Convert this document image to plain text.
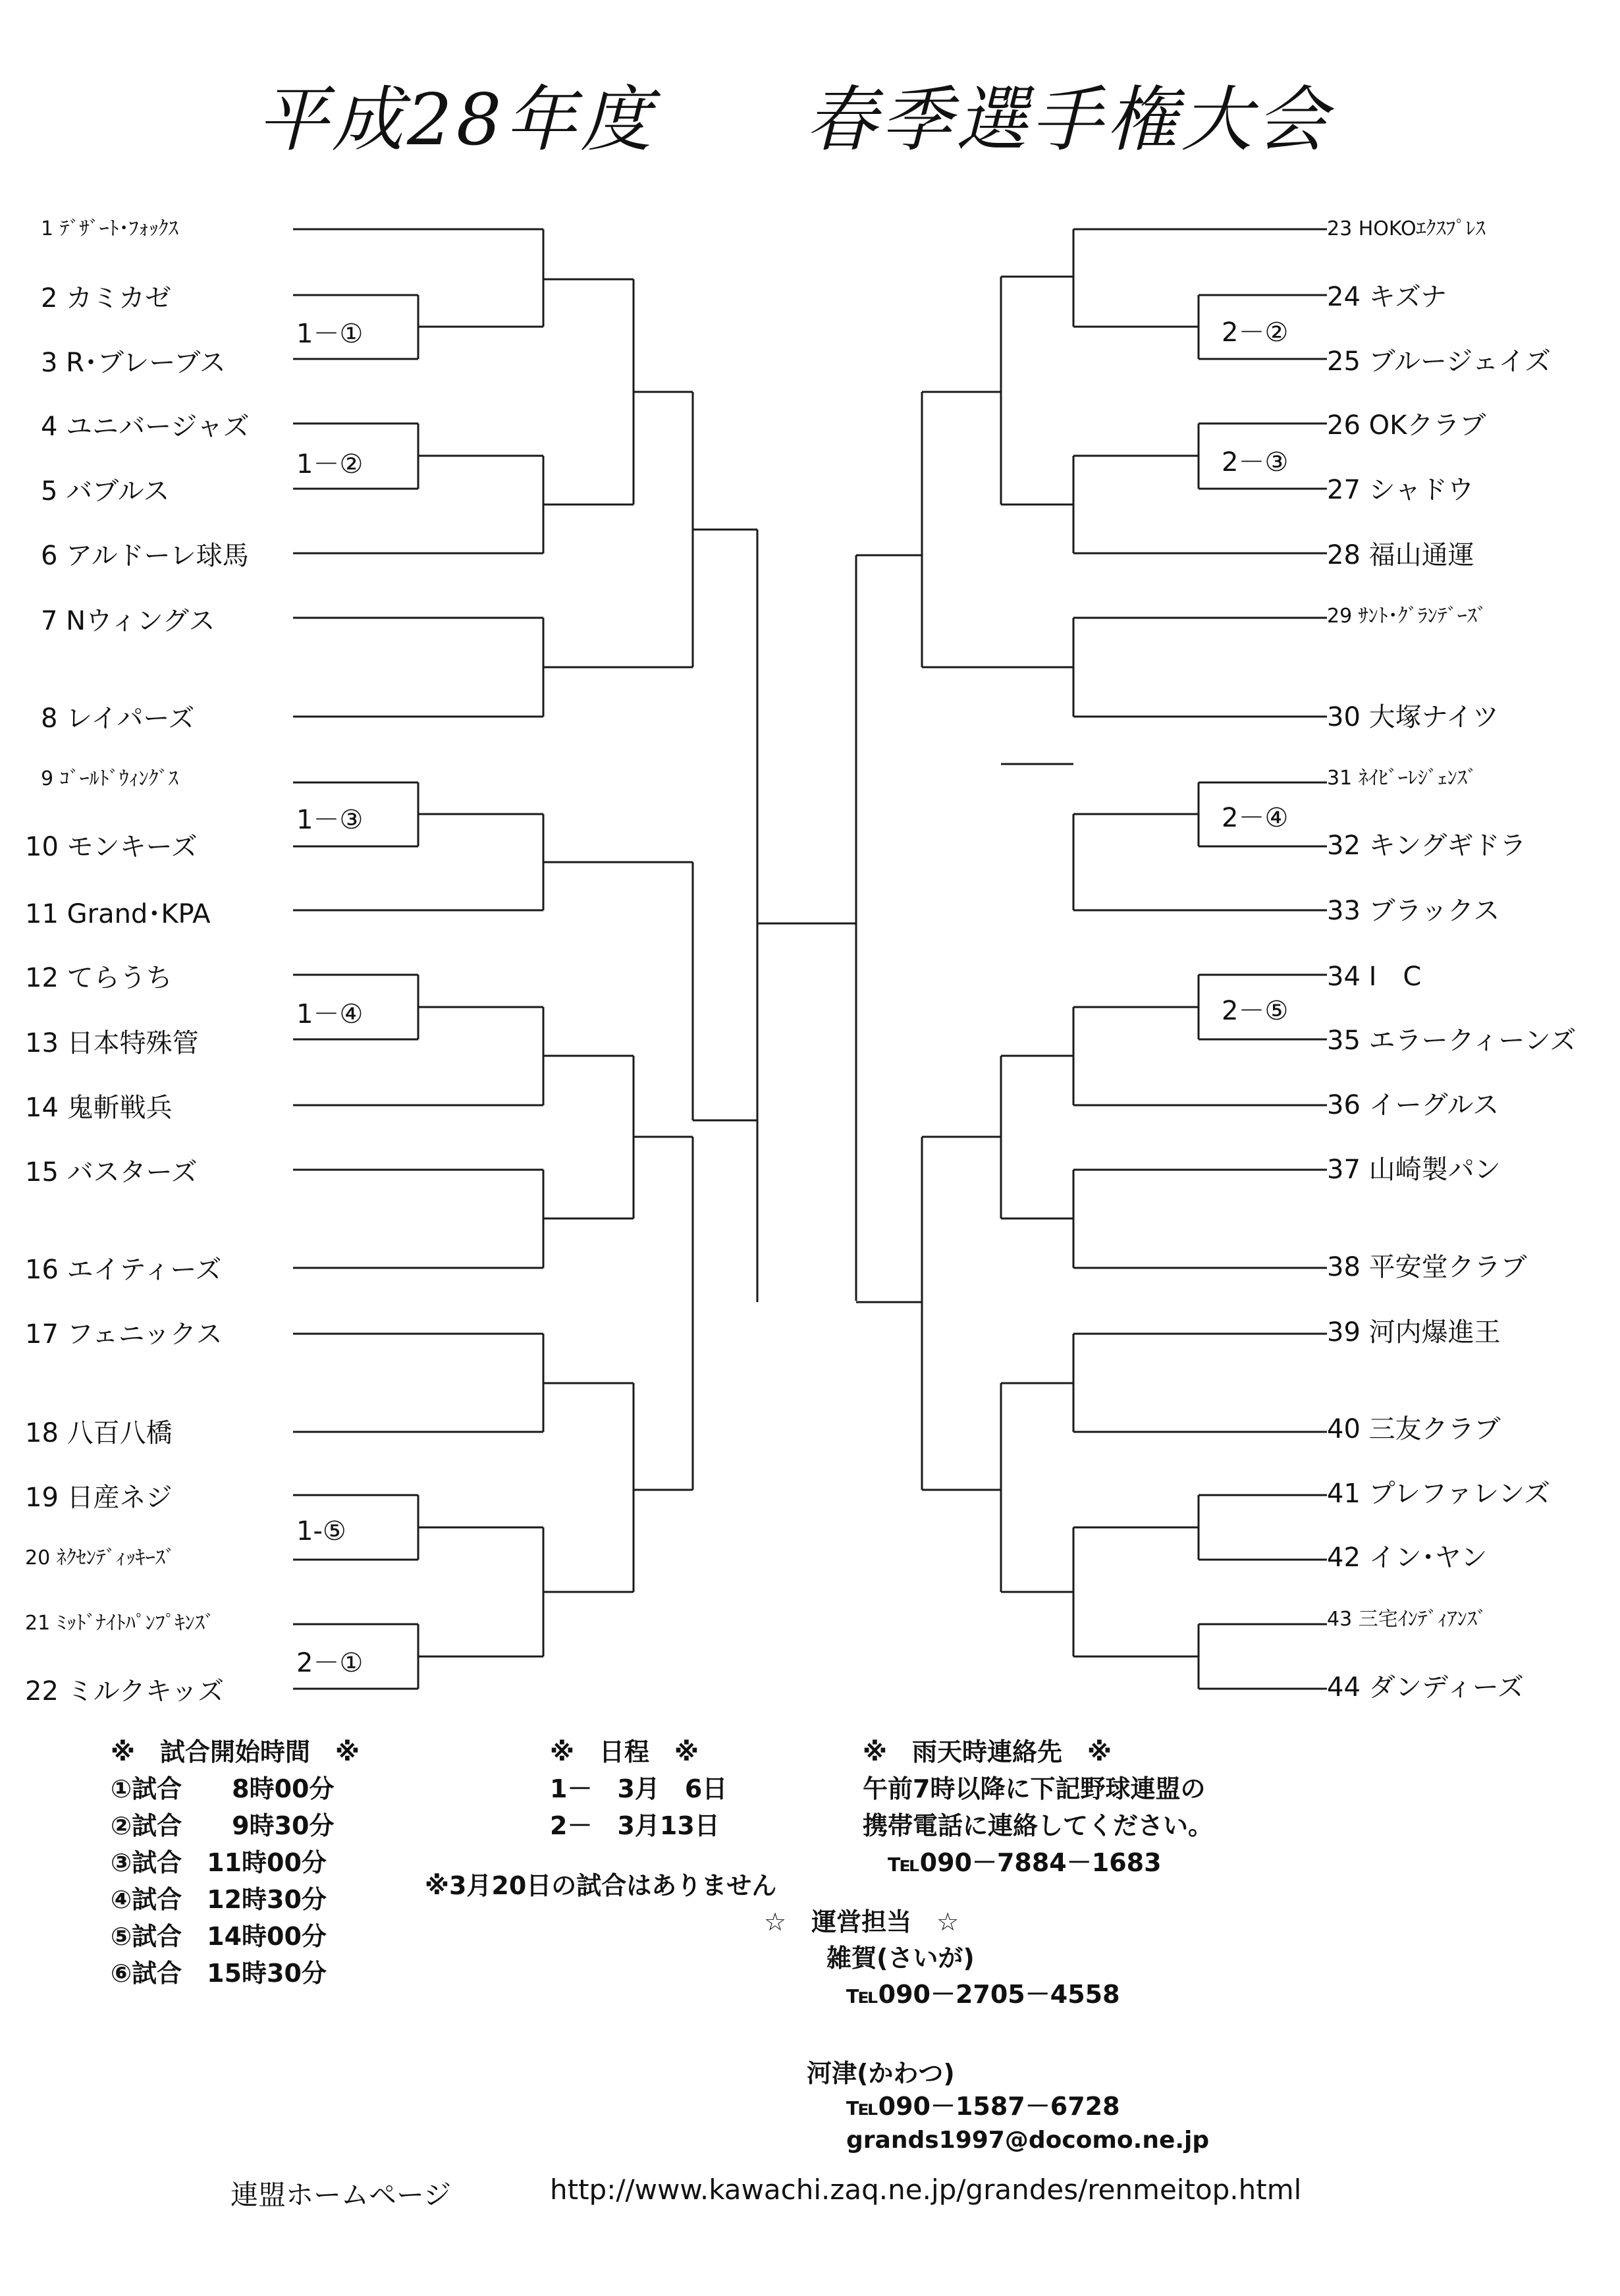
平成28年度　　春季選手権大会
1 ﾃﾞｻﾞｰﾄ･ﾌｫｯｸｽ
2 カミカゼ
3 R･ブレーブス
4 ユニバージャズ
5 バブルス
6 アルドーレ球馬
7 Nウィングス
8 レイパーズ
9 ｺﾞｰﾙﾄﾞｳｨﾝｸﾞｽ
10 モンキーズ
11 Grand･KPA
12 てらうち
13 日本特殊管
14 鬼斬戦兵
15 バスターズ
16 エイティーズ
17 フェニックス
18 八百八橋
19 日産ネジ
20 ﾈｸｾﾝﾃﾞｨｯｷｰｽﾞ
21 ﾐｯﾄﾞﾅｲﾄﾊﾟﾝﾌﾟｷﾝｽﾞ
22 ミルクキッズ
23 HOKOｴｸｽﾌﾟﾚｽ
24 キズナ
25 ブルージェイズ
26 OKクラブ
27 シャドウ
28 福山通運
29 ｻﾝﾄ･ｸﾞﾗﾝﾃﾞｰｽﾞ
30 大塚ナイツ
31 ﾈｲﾋﾞｰﾚｼﾞｪﾝｽﾞ
32 キングギドラ
33 ブラックス
34 I　C
35 エラークィーンズ
36 イーグルス
37 山崎製パン
38 平安堂クラブ
39 河内爆進王
40 三友クラブ
41 プレファレンズ
42 イン･ヤン
43 三宅ｲﾝﾃﾞｨｱﾝｽﾞ
44 ダンディーズ
1－①
1－②
1－③
1－④
1-⑤
2－①
2－②
2－③
2－④
2－⑤
※　試合開始時間　※
①試合　　8時00分
②試合　　9時30分
③試合　11時00分
④試合　12時30分
⑤試合　14時00分
⑥試合　15時30分
※　日程　※
1－　3月　6日
2－　3月13日
※　雨天時連絡先　※
午前7時以降に下記野球連盟の
携帯電話に連絡してください。
　℡090－7884－1683
※3月20日の試合はありません
☆　運営担当　☆
雑賀(さいが)
℡090－2705－4558
河津(かわつ)
℡090－1587－6728
grands1997@docomo.ne.jp
連盟ホームページ	http://www.kawachi.zaq.ne.jp/grandes/renmeitop.html
